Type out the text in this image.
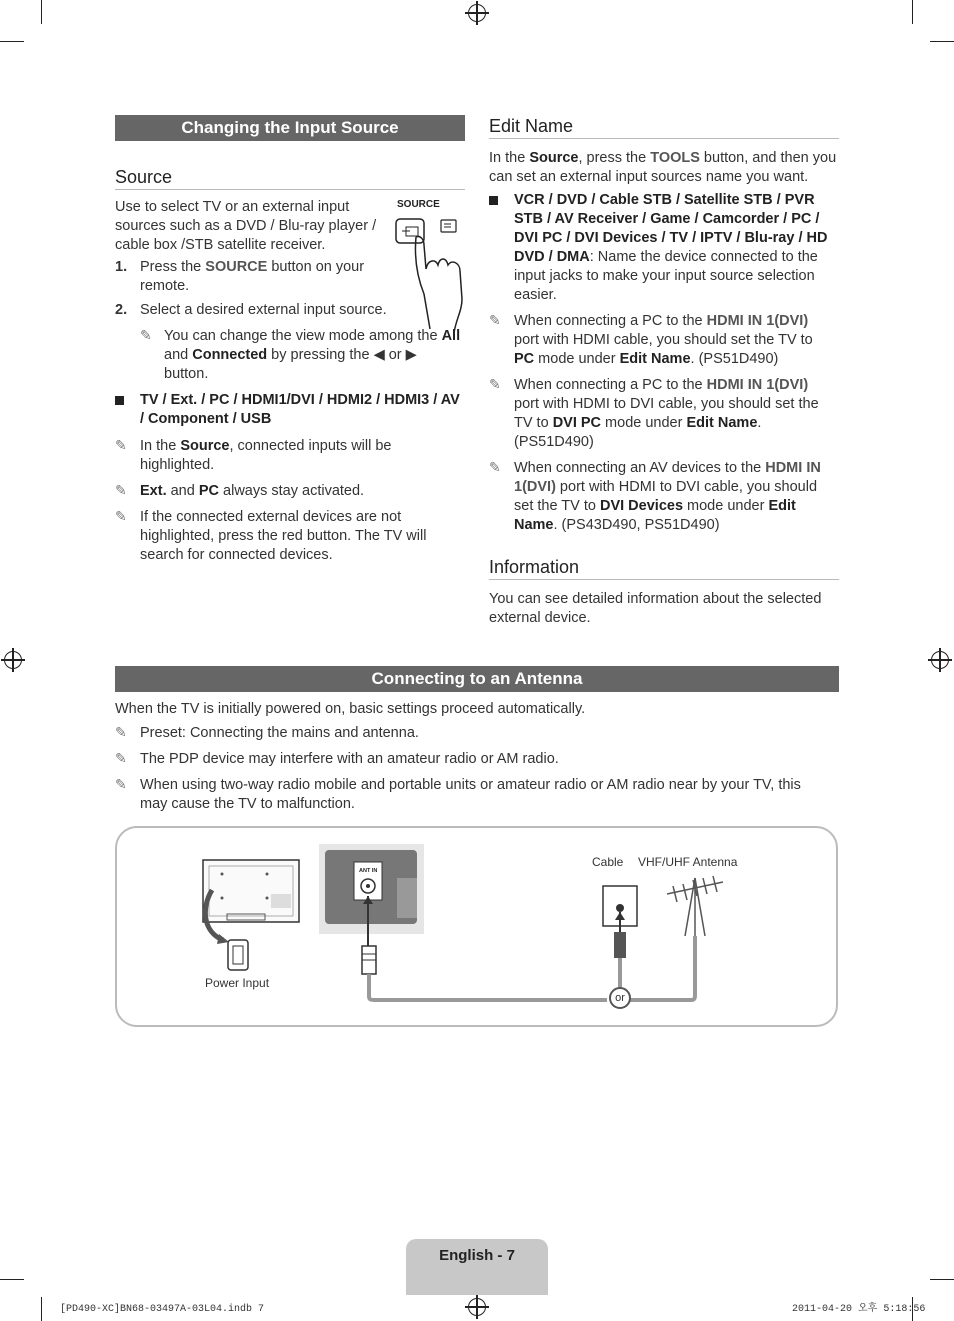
Changing the Input Source
Source
Use to select TV or an external input sources such as a DVD / Blu-ray player / cable box /STB satellite receiver.
SOURCE
1. Press the SOURCE button on your remote.
2. Select a desired external input source.
✎ You can change the view mode among the All and Connected by pressing the ◀ or ▶ button.
TV / Ext. / PC / HDMI1/DVI / HDMI2 / HDMI3 / AV / Component / USB
✎ In the Source, connected inputs will be highlighted.
✎ Ext. and PC always stay activated.
✎ If the connected external devices are not highlighted, press the red button. The TV will search for connected devices.
Edit Name
In the Source, press the TOOLS button, and then you can set an external input sources name you want.
VCR / DVD / Cable STB / Satellite STB / PVR STB / AV Receiver / Game / Camcorder / PC / DVI PC / DVI Devices / TV / IPTV / Blu-ray / HD DVD / DMA: Name the device connected to the input jacks to make your input source selection easier.
✎ When connecting a PC to the HDMI IN 1(DVI) port with HDMI cable, you should set the TV to PC mode under Edit Name. (PS51D490)
✎ When connecting a PC to the HDMI IN 1(DVI) port with HDMI to DVI cable, you should set the TV to DVI PC mode under Edit Name. (PS51D490)
✎ When connecting an AV devices to the HDMI IN 1(DVI) port with HDMI to DVI cable, you should set the TV to DVI Devices mode under Edit Name. (PS43D490, PS51D490)
Information
You can see detailed information about the selected external device.
Connecting to an Antenna
When the TV is initially powered on, basic settings proceed automatically.
✎ Preset: Connecting the mains and antenna.
✎ The PDP device may interfere with an amateur radio or AM radio.
✎ When using two-way radio mobile and portable units or amateur radio or AM radio near by your TV, this may cause the TV to malfunction.
ANT IN
Power Input
Cable VHF/UHF Antenna
or
English - 7
[PD490-XC]BN68-03497A-03L04.indb 7	2011-04-20 오후 5:18:56
